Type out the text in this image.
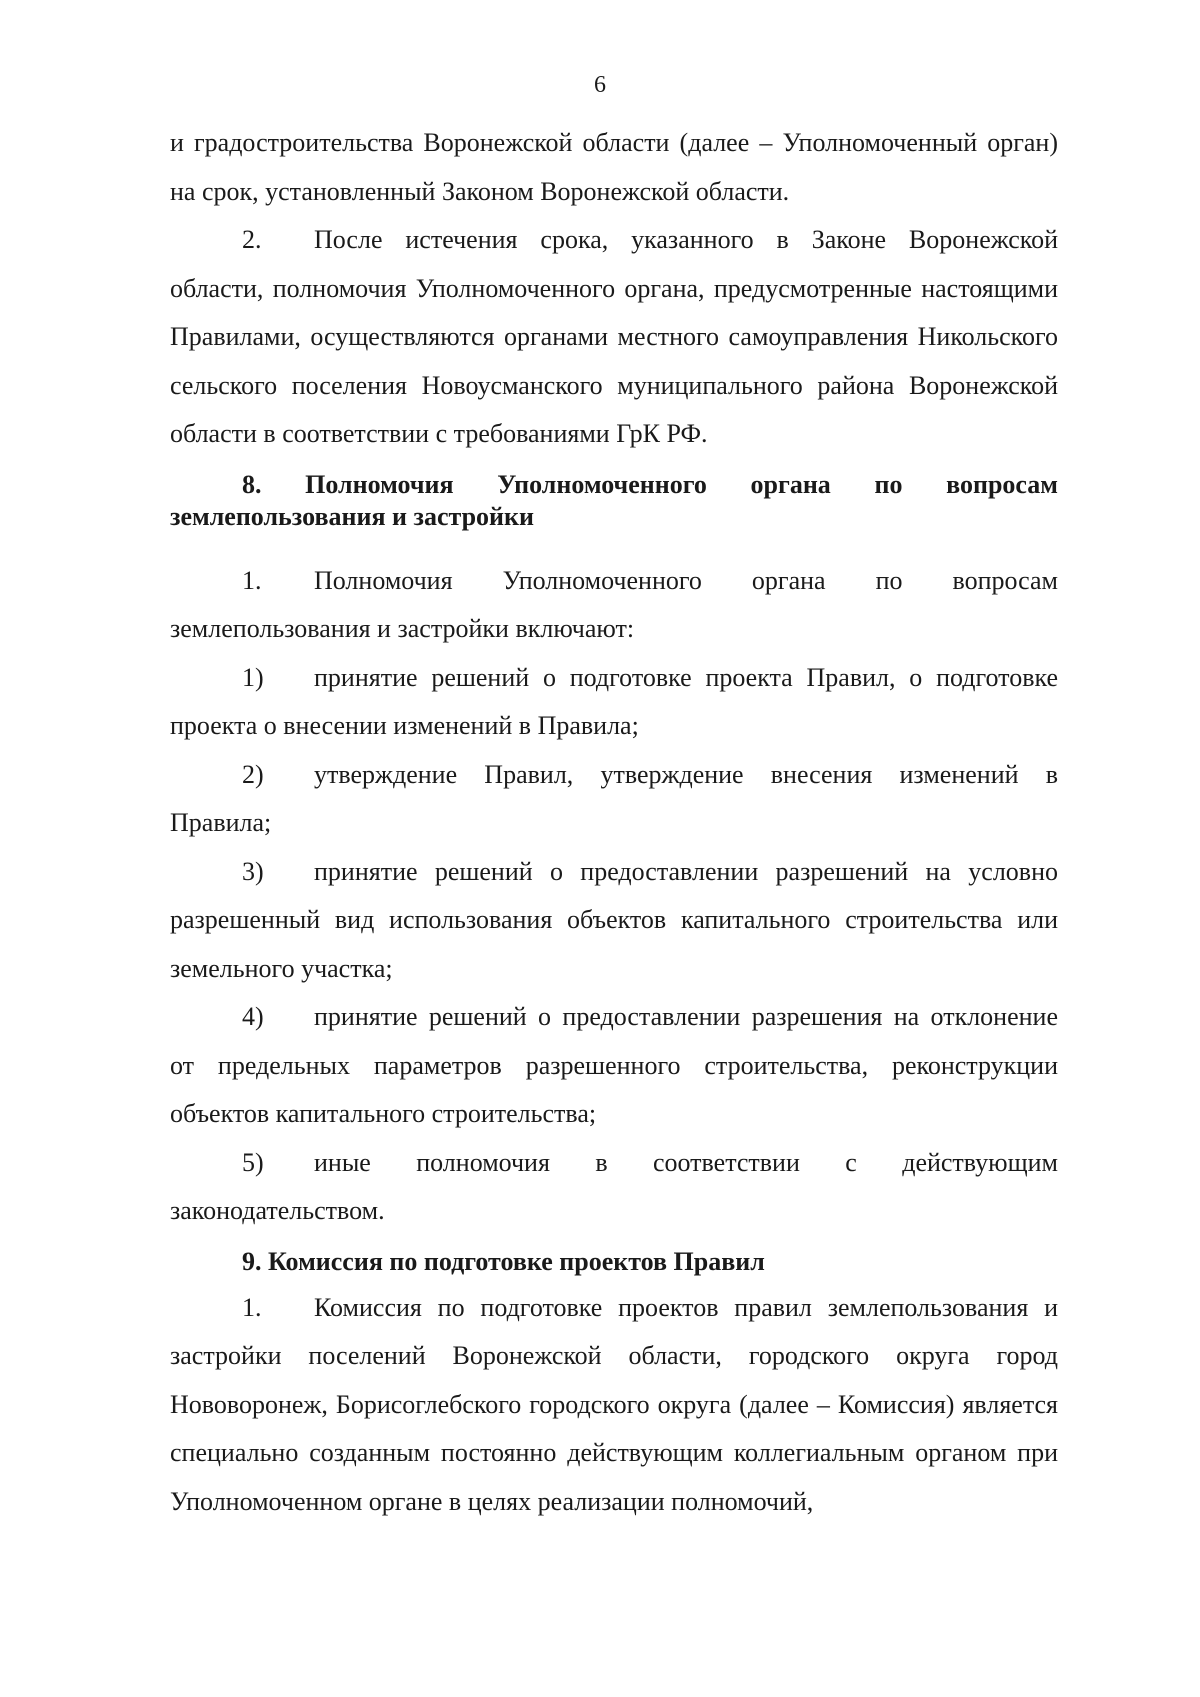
6

и градостроительства Воронежской области (далее – Уполномоченный орган) на срок, установленный Законом Воронежской области.

2. После истечения срока, указанного в Законе Воронежской области, полномочия Уполномоченного органа, предусмотренные настоящими Правилами, осуществляются органами местного самоуправления Никольского сельского поселения Новоусманского муниципального района Воронежской области в соответствии с требованиями ГрК РФ.

8. Полномочия Уполномоченного органа по вопросам землепользования и застройки

1. Полномочия Уполномоченного органа по вопросам землепользования и застройки включают:

1) принятие решений о подготовке проекта Правил, о подготовке проекта о внесении изменений в Правила;

2) утверждение Правил, утверждение внесения изменений в Правила;

3) принятие решений о предоставлении разрешений на условно разрешенный вид использования объектов капитального строительства или земельного участка;

4) принятие решений о предоставлении разрешения на отклонение от предельных параметров разрешенного строительства, реконструкции объектов капитального строительства;

5) иные полномочия в соответствии с действующим законодательством.

9. Комиссия по подготовке проектов Правил

1. Комиссия по подготовке проектов правил землепользования и застройки поселений Воронежской области, городского округа город Нововоронеж, Борисоглебского городского округа (далее – Комиссия) является специально созданным постоянно действующим коллегиальным органом при Уполномоченном органе в целях реализации полномочий,
